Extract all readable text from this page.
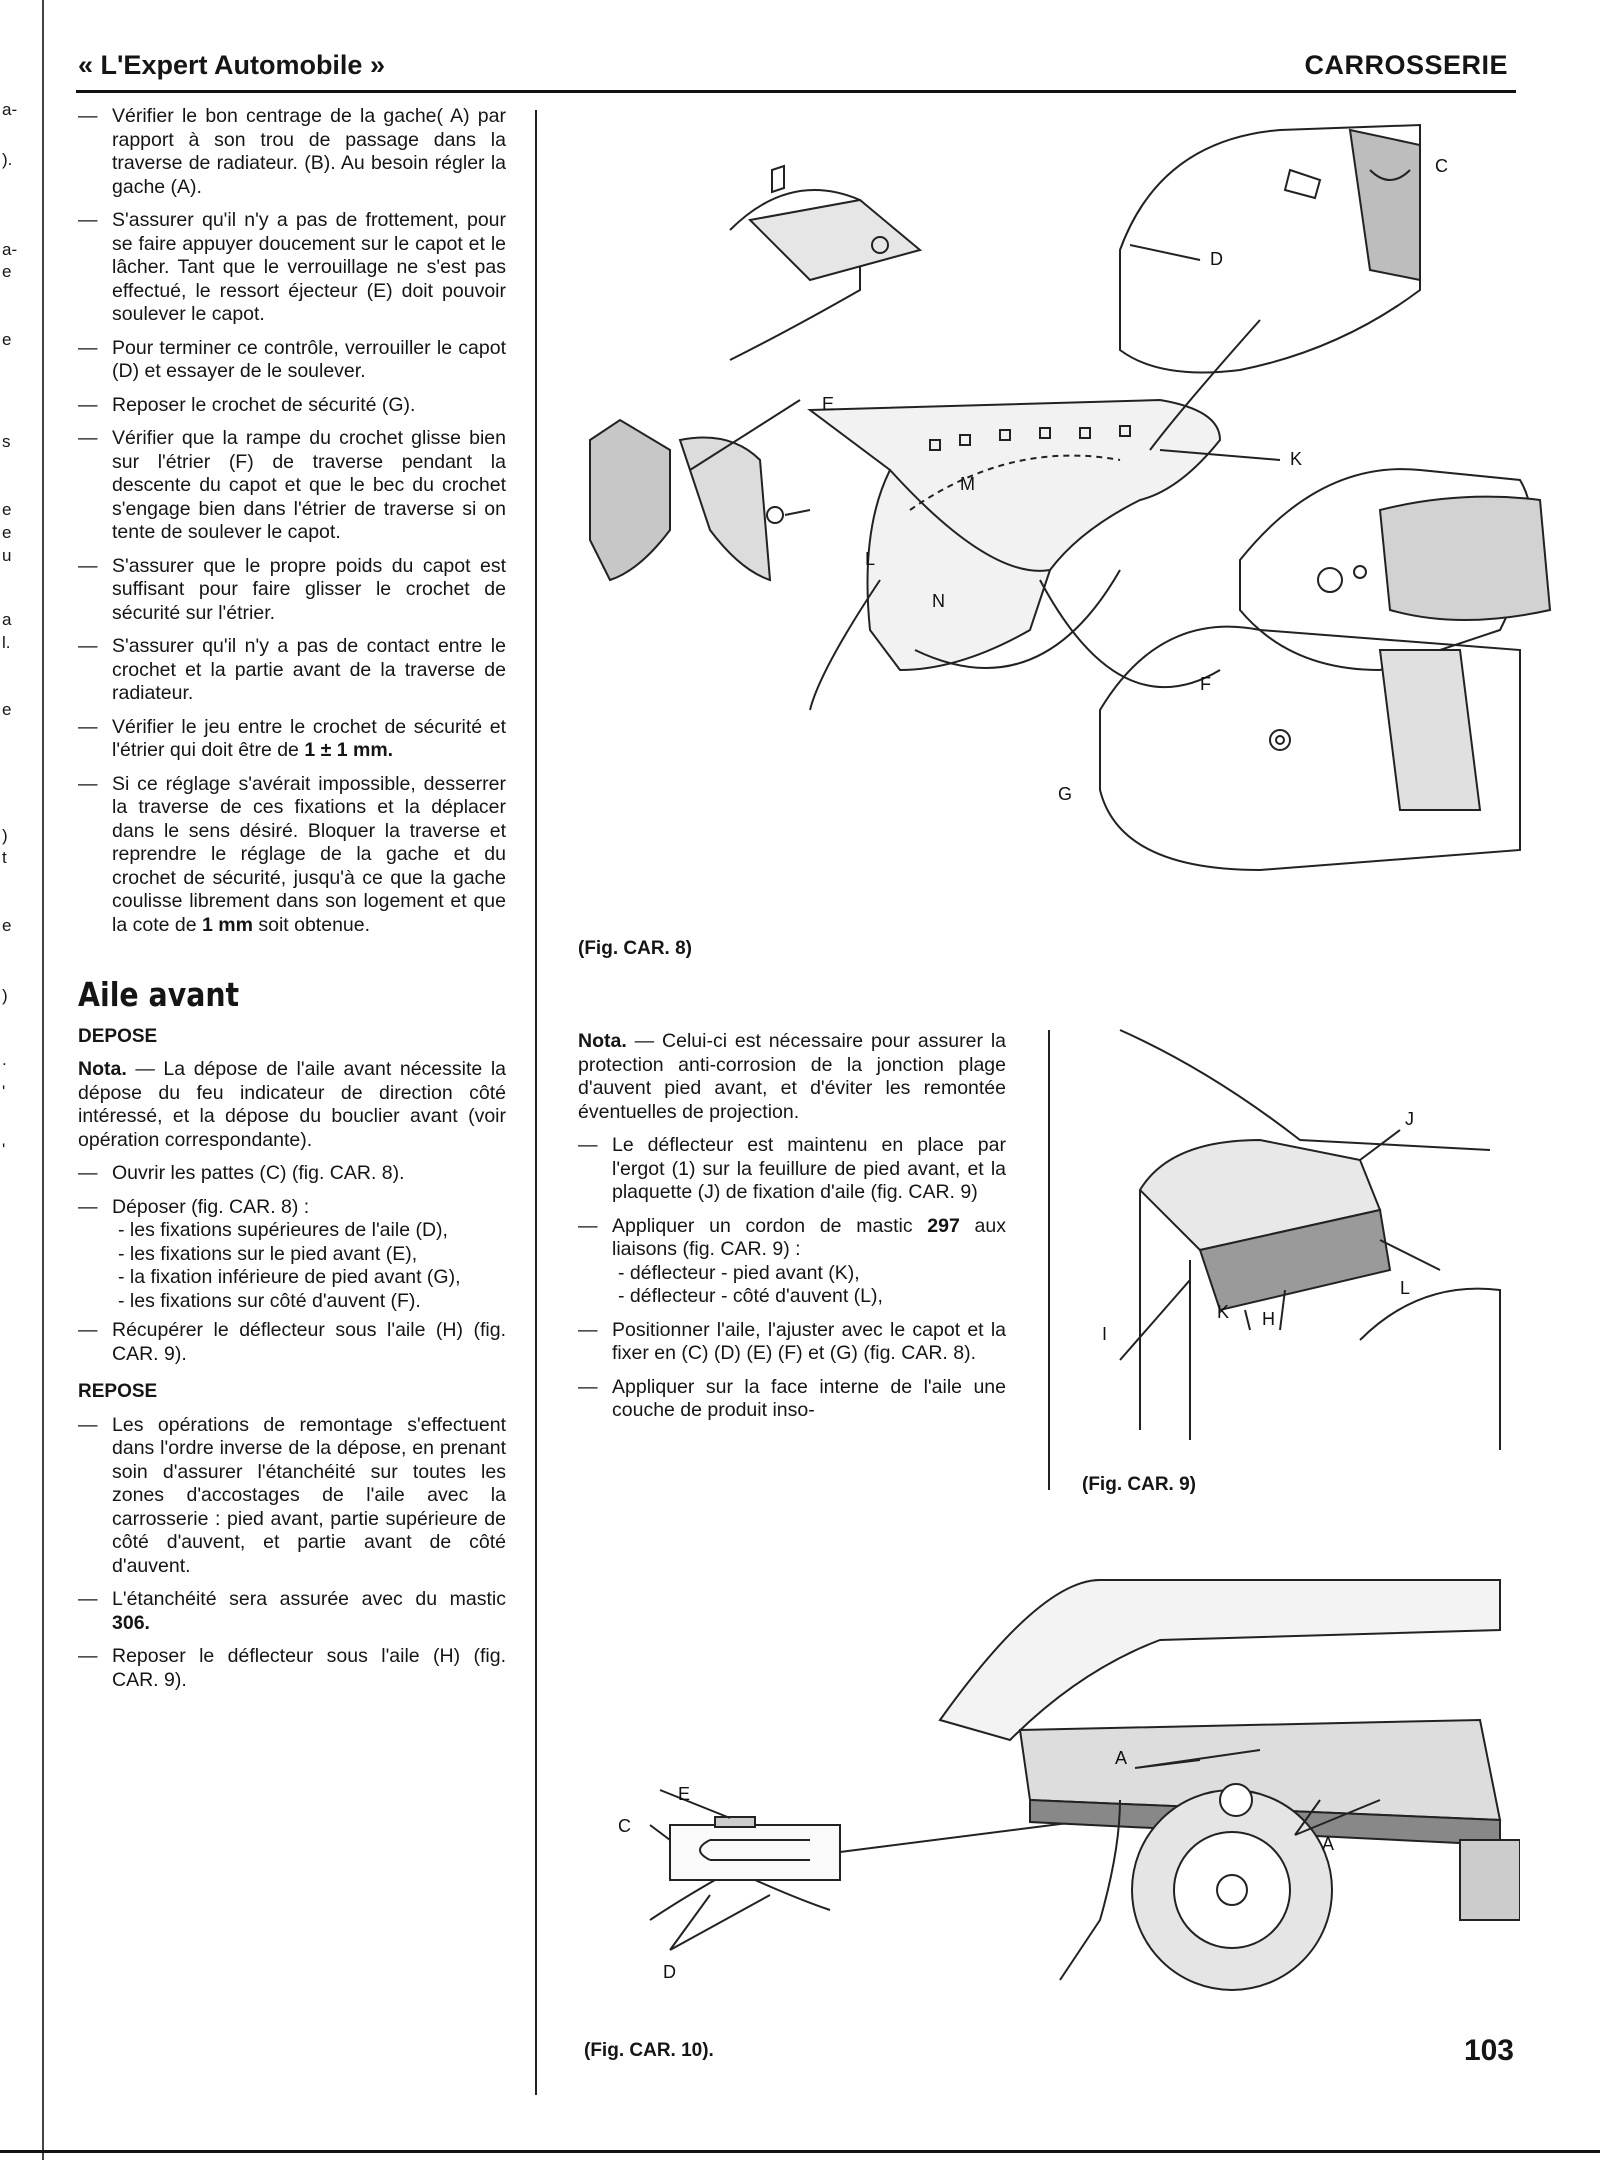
a-
).
a-
e
e
s
e
e
u
a
l.
e
)
t
e
)
.
'
'
« L'Expert Automobile »	CARROSSERIE
— Vérifier le bon centrage de la gache( A) par rapport à son trou de passage dans la traverse de radiateur. (B). Au besoin régler la gache (A).
— S'assurer qu'il n'y a pas de frottement, pour se faire appuyer doucement sur le capot et le lâcher. Tant que le verrouillage ne s'est pas effectué, le ressort éjecteur (E) doit pouvoir soulever le capot.
— Pour terminer ce contrôle, verrouiller le capot (D) et essayer de le soulever.
— Reposer le crochet de sécurité (G).
— Vérifier que la rampe du crochet glisse bien sur l'étrier (F) de traverse pendant la descente du capot et que le bec du crochet s'engage bien dans l'étrier de traverse si on tente de soulever le capot.
— S'assurer que le propre poids du capot est suffisant pour faire glisser le crochet de sécurité sur l'étrier.
— S'assurer qu'il n'y a pas de contact entre le crochet et la partie avant de la traverse de radiateur.
— Vérifier le jeu entre le crochet de sécurité et l'étrier qui doit être de 1 ± 1 mm.
— Si ce réglage s'avérait impossible, desserrer la traverse de ces fixations et la déplacer dans le sens désiré. Bloquer la traverse et reprendre le réglage de la gache et du crochet de sécurité, jusqu'à ce que la gache coulisse librement dans son logement et que la cote de 1 mm soit obtenue.
Aile avant
DEPOSE

Nota. — La dépose de l'aile avant nécessite la dépose du feu indicateur de direction côté intéressé, et la dépose du bouclier avant (voir opération correspondante).

— Ouvrir les pattes (C) (fig. CAR. 8).
— Déposer (fig. CAR. 8) :

- les fixations supérieures de l'aile (D),

- les fixations sur le pied avant (E),

- la fixation inférieure de pied avant (G),

- les fixations sur côté d'auvent (F).

— Récupérer le déflecteur sous l'aile (H) (fig. CAR. 9).
REPOSE
— Les opérations de remontage s'effectuent dans l'ordre inverse de la dépose, en prenant soin d'assurer l'étanchéité sur toutes les zones d'accostages de l'aile avec la carrosserie : pied avant, partie supérieure de côté d'auvent, et partie avant de côté d'auvent.
— L'étanchéité sera assurée avec du mastic 306.
— Reposer le déflecteur sous l'aile (H) (fig. CAR. 9).

Nota. — Celui-ci est nécessaire pour assurer la protection anti-corrosion de la jonction plage d'auvent pied avant, et d'éviter les remontée éventuelles de projection.

— Le déflecteur est maintenu en place par l'ergot (1) sur la feuillure de pied avant, et la plaquette (J) de fixation d'aile (fig. CAR. 9)
— Appliquer un cordon de mastic 297 aux liaisons (fig. CAR. 9) :

- déflecteur - pied avant (K),

- déflecteur - côté d'auvent (L),

— Positionner l'aile, l'ajuster avec le capot et la fixer en (C) (D) (E) (F) et (G) (fig. CAR. 8).
— Appliquer sur la face interne de l'aile une couche de produit inso-
D
C
E
K
M
L
N
F
G
(Fig. CAR. 8)
J
I
K H
L
(Fig. CAR. 9)
E
C
D
A
A
(Fig. CAR. 10).	103
